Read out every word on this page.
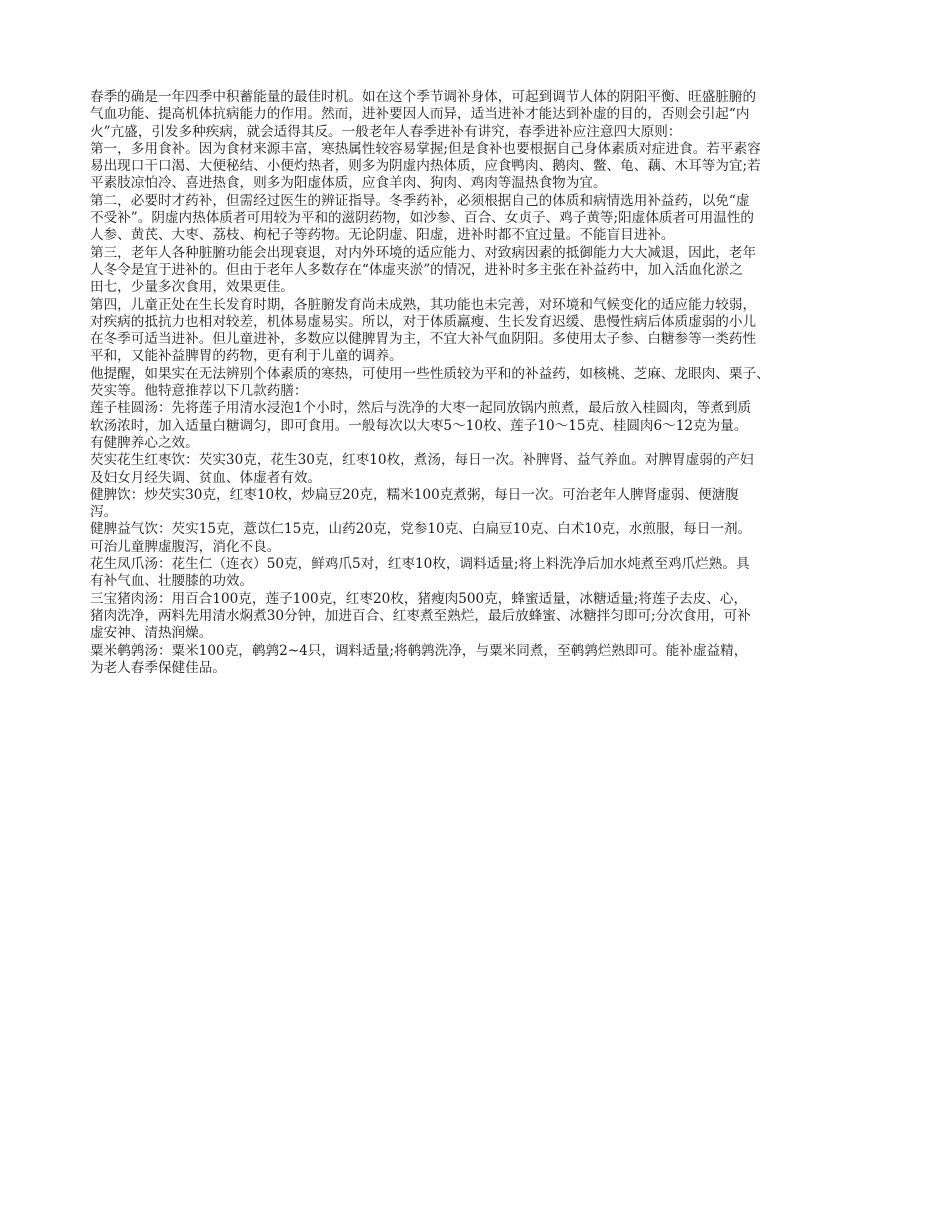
春季的确是一年四季中积蓄能量的最佳时机。如在这个季节调补身体，可起到调节人体的阴阳平衡、旺盛脏腑的
气血功能、提高机体抗病能力的作用。然而，进补要因人而异，适当进补才能达到补虚的目的，否则会引起“内
火”亢盛，引发多种疾病，就会适得其反。一般老年人春季进补有讲究，春季进补应注意四大原则：

第一，多用食补。因为食材来源丰富，寒热属性较容易掌握;但是食补也要根据自己身体素质对症进食。若平素容
易出现口干口渴、大便秘结、小便灼热者，则多为阴虚内热体质，应食鸭肉、鹅肉、鳖、龟、藕、木耳等为宜;若
平素肢凉怕冷、喜进热食，则多为阳虚体质，应食羊肉、狗肉、鸡肉等温热食物为宜。

第二，必要时才药补，但需经过医生的辨证指导。冬季药补，必须根据自己的体质和病情选用补益药，以免“虚
不受补”。阴虚内热体质者可用较为平和的滋阴药物，如沙参、百合、女贞子、鸡子黄等;阳虚体质者可用温性的
人参、黄芪、大枣、荔枝、枸杞子等药物。无论阴虚、阳虚，进补时都不宜过量。不能盲目进补。

第三，老年人各种脏腑功能会出现衰退，对内外环境的适应能力、对致病因素的抵御能力大大减退，因此，老年
人冬令是宜于进补的。但由于老年人多数存在“体虚夹淤”的情况，进补时多主张在补益药中，加入活血化淤之
田七，少量多次食用，效果更佳。

第四，儿童正处在生长发育时期，各脏腑发育尚未成熟，其功能也未完善，对环境和气候变化的适应能力较弱，
对疾病的抵抗力也相对较差，机体易虚易实。所以，对于体质羸瘦、生长发育迟缓、患慢性病后体质虚弱的小儿
在冬季可适当进补。但儿童进补，多数应以健脾胃为主，不宜大补气血阴阳。多使用太子参、白糖参等一类药性
平和，又能补益脾胃的药物，更有利于儿童的调养。

他提醒，如果实在无法辨别个体素质的寒热，可使用一些性质较为平和的补益药，如核桃、芝麻、龙眼肉、栗子、
芡实等。他特意推荐以下几款药膳：

莲子桂圆汤：先将莲子用清水浸泡1个小时，然后与洗净的大枣一起同放锅内煎煮，最后放入桂圆肉，等煮到质
软汤浓时，加入适量白糖调匀，即可食用。一般每次以大枣5～10枚、莲子10～15克、桂圆肉6～12克为量。
有健脾养心之效。

芡实花生红枣饮：芡实30克，花生30克，红枣10枚，煮汤，每日一次。补脾肾、益气养血。对脾胃虚弱的产妇
及妇女月经失调、贫血、体虚者有效。

健脾饮：炒芡实30克，红枣10枚，炒扁豆20克，糯米100克煮粥，每日一次。可治老年人脾肾虚弱、便溏腹
泻。

健脾益气饮：芡实15克，薏苡仁15克，山药20克，党参10克、白扁豆10克、白术10克，水煎服，每日一剂。
可治儿童脾虚腹泻，消化不良。

花生凤爪汤：花生仁（连衣）50克，鲜鸡爪5对，红枣10枚，调料适量;将上料洗净后加水炖煮至鸡爪烂熟。具
有补气血、壮腰膝的功效。

三宝猪肉汤：用百合100克，莲子100克，红枣20枚，猪瘦肉500克，蜂蜜适量，冰糖适量;将莲子去皮、心，
猪肉洗净，两料先用清水焖煮30分钟，加进百合、红枣煮至熟烂，最后放蜂蜜、冰糖拌匀即可;分次食用，可补
虚安神、清热润燥。

粟米鹌鹑汤：粟米100克，鹌鹑2~4只，调料适量;将鹌鹑洗净，与粟米同煮，至鹌鹑烂熟即可。能补虚益精，
为老人春季保健佳品。
